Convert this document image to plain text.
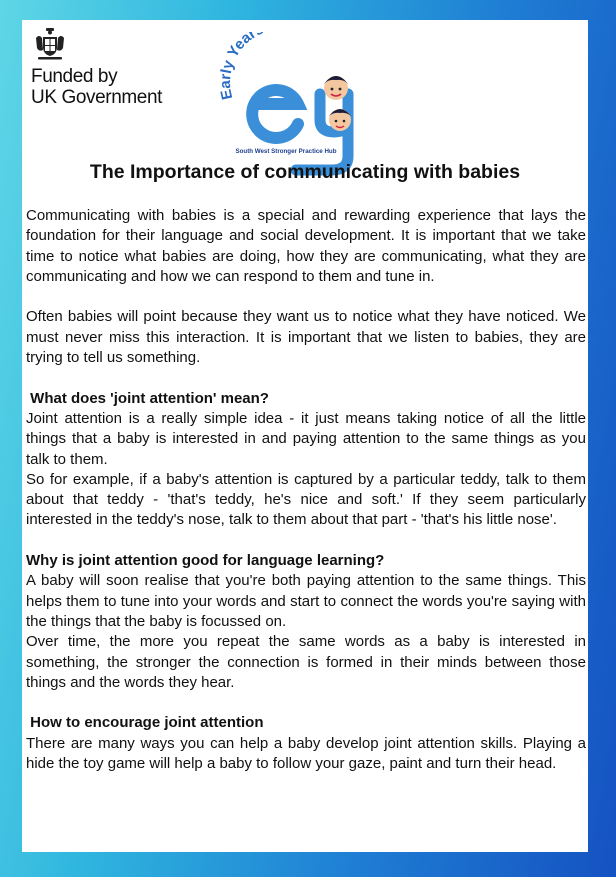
Funded by
UK Government
y Year
South West Stronger Practice Hub
The Importance of communicating with babies

Communicating with babies is a special and rewarding experience that lays the foundation for their language and social development. It is important that we take time to notice what babies are doing, how they are communicating, what they are communicating and how we can respond to them and tune in.

Often babies will point because they want us to notice what they have noticed. We must never miss this interaction. It is important that we listen to babies, they are trying to tell us something.

What does 'joint attention' mean?

Joint attention is a really simple idea - it just means taking notice of all the little things that a baby is interested in and paying attention to the same things as you talk to them.

So for example, if a baby's attention is captured by a particular teddy, talk to them about that teddy - 'that's teddy, he's nice and soft.' If they seem particularly interested in the teddy's nose, talk to them about that part - 'that's his little nose'.

Why is joint attention good for language learning?

A baby will soon realise that you're both paying attention to the same things. This helps them to tune into your words and start to connect the words you're saying with the things that the baby is focussed on.

Over time, the more you repeat the same words as a baby is interested in something, the stronger the connection is formed in their minds between those things and the words they hear.

How to encourage joint attention

There are many ways you can help a baby develop joint attention skills. Playing a hide the toy game will help a baby to follow your gaze, paint and turn their head.
